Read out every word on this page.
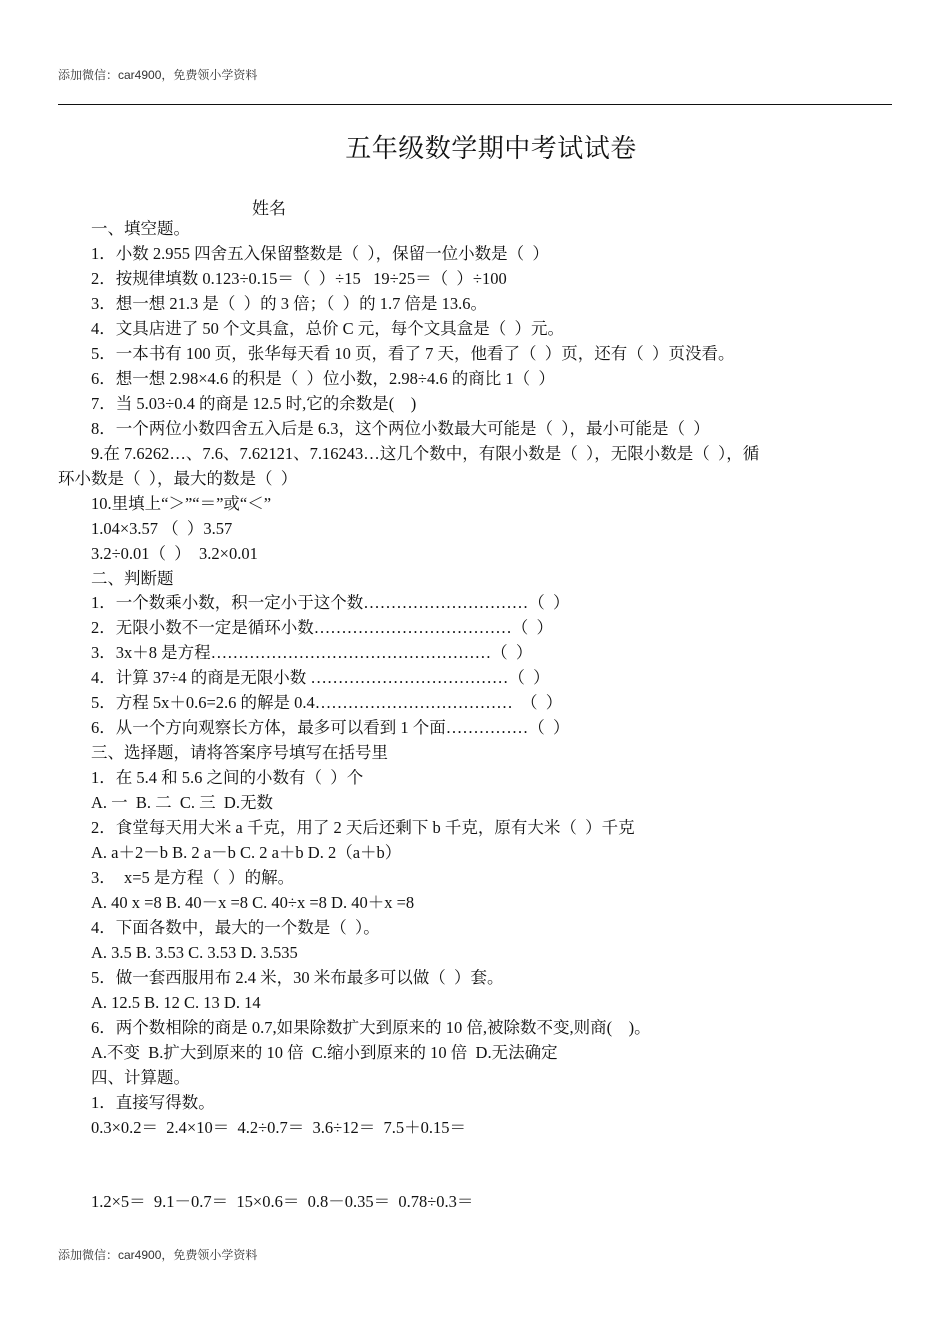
添加微信：car4900，免费领小学资料
五年级数学期中考试试卷
姓名
一、填空题。
1．小数 2.955 四舍五入保留整数是（  ），保留一位小数是（  ）
2．按规律填数 0.123÷0.15＝（  ）÷15   19÷25＝（  ）÷100
3．想一想 21.3 是（  ）的 3 倍；（  ）的 1.7 倍是 13.6。
4．文具店进了 50 个文具盒，总价 C 元，每个文具盒是（  ）元。
5．一本书有 100 页，张华每天看 10 页，看了 7 天，他看了（  ）页，还有（  ）页没看。
6．想一想 2.98×4.6 的积是（  ）位小数，2.98÷4.6 的商比 1（  ）
7．当 5.03÷0.4 的商是 12.5 时,它的余数是(    )
8．一个两位小数四舍五入后是 6.3，这个两位小数最大可能是（  ），最小可能是（  ）
9.在 7.6262…、7.6、7.62121、7.16243…这几个数中，有限小数是（  ），无限小数是（  ），循
环小数是（  ），最大的数是（  ）
10.里填上“＞”“＝”或“＜”
1.04×3.57 （  ）3.57
3.2÷0.01（  ）  3.2×0.01
二、判断题
1．一个数乘小数，积一定小于这个数…………………………（  ）
2．无限小数不一定是循环小数………………………………（  ）
3．3x＋8 是方程……………………………………………（  ）
4．计算 37÷4 的商是无限小数 ………………………………（  ）
5．方程 5x＋0.6=2.6 的解是 0.4………………………………  （  ）
6．从一个方向观察长方体，最多可以看到 1 个面……………（  ）
三、选择题，请将答案序号填写在括号里
1．在 5.4 和 5.6 之间的小数有（  ）个
A. 一  B. 二  C. 三  D.无数
2．食堂每天用大米 a 千克，用了 2 天后还剩下 b 千克，原有大米（  ）千克
A. a＋2－b B. 2 a－b C. 2 a＋b D. 2（a＋b）
3．  x=5 是方程（  ）的解。
A. 40 x =8 B. 40－x =8 C. 40÷x =8 D. 40＋x =8
4．下面各数中，最大的一个数是（  ）。
A. 3.5 B. 3.53 C. 3.53 D. 3.535
5．做一套西服用布 2.4 米，30 米布最多可以做（  ）套。
A. 12.5 B. 12 C. 13 D. 14
6．两个数相除的商是 0.7,如果除数扩大到原来的 10 倍,被除数不变,则商(    )。
A.不变  B.扩大到原来的 10 倍  C.缩小到原来的 10 倍  D.无法确定
四、计算题。
1．直接写得数。
0.3×0.2＝  2.4×10＝  4.2÷0.7＝  3.6÷12＝  7.5＋0.15＝
1.2×5＝  9.1－0.7＝  15×0.6＝  0.8－0.35＝  0.78÷0.3＝
添加微信：car4900，免费领小学资料
